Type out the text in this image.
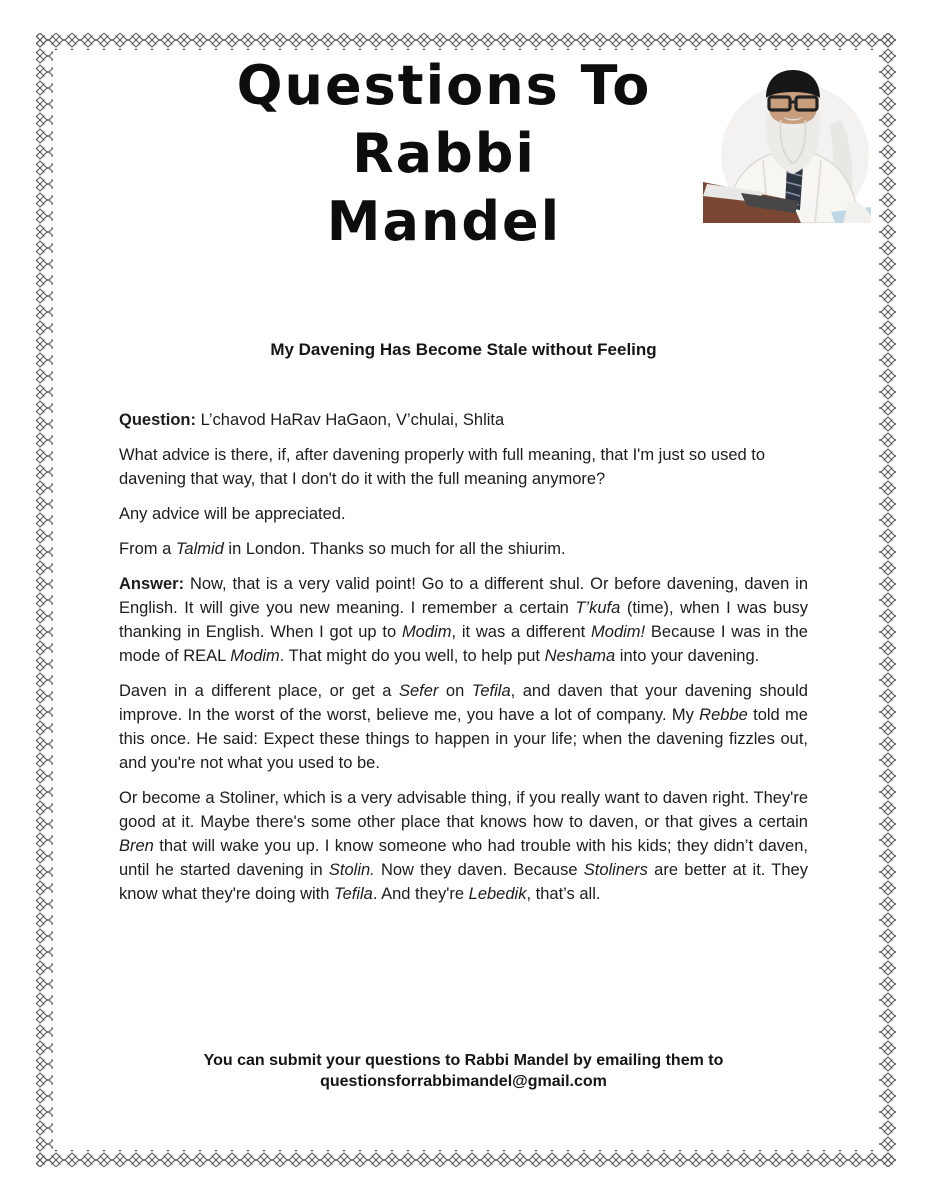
Questions To
Rabbi
Mandel
My Davening Has Become Stale without Feeling

Question: L’chavod HaRav HaGaon, V’chulai, Shlita

What advice is there, if, after davening properly with full meaning, that I'm just so used to davening that way, that I don't do it with the full meaning anymore?

Any advice will be appreciated.

From a Talmid in London. Thanks so much for all the shiurim.

Answer: Now, that is a very valid point! Go to a different shul. Or before davening, daven in English. It will give you new meaning. I remember a certain T’kufa (time), when I was busy thanking in English. When I got up to Modim, it was a different Modim! Because I was in the mode of REAL Modim. That might do you well, to help put Neshama into your davening.

Daven in a different place, or get a Sefer on Tefila, and daven that your davening should improve. In the worst of the worst, believe me, you have a lot of company. My Rebbe told me this once. He said: Expect these things to happen in your life; when the davening fizzles out, and you're not what you used to be.

Or become a Stoliner, which is a very advisable thing, if you really want to daven right. They're good at it. Maybe there's some other place that knows how to daven, or that gives a certain Bren that will wake you up. I know someone who had trouble with his kids; they didn’t daven, until he started davening in Stolin. Now they daven. Because Stoliners are better at it. They know what they're doing with Tefila. And they're Lebedik, that’s all.

You can submit your questions to Rabbi Mandel by emailing them to
questionsforrabbimandel@gmail.com
